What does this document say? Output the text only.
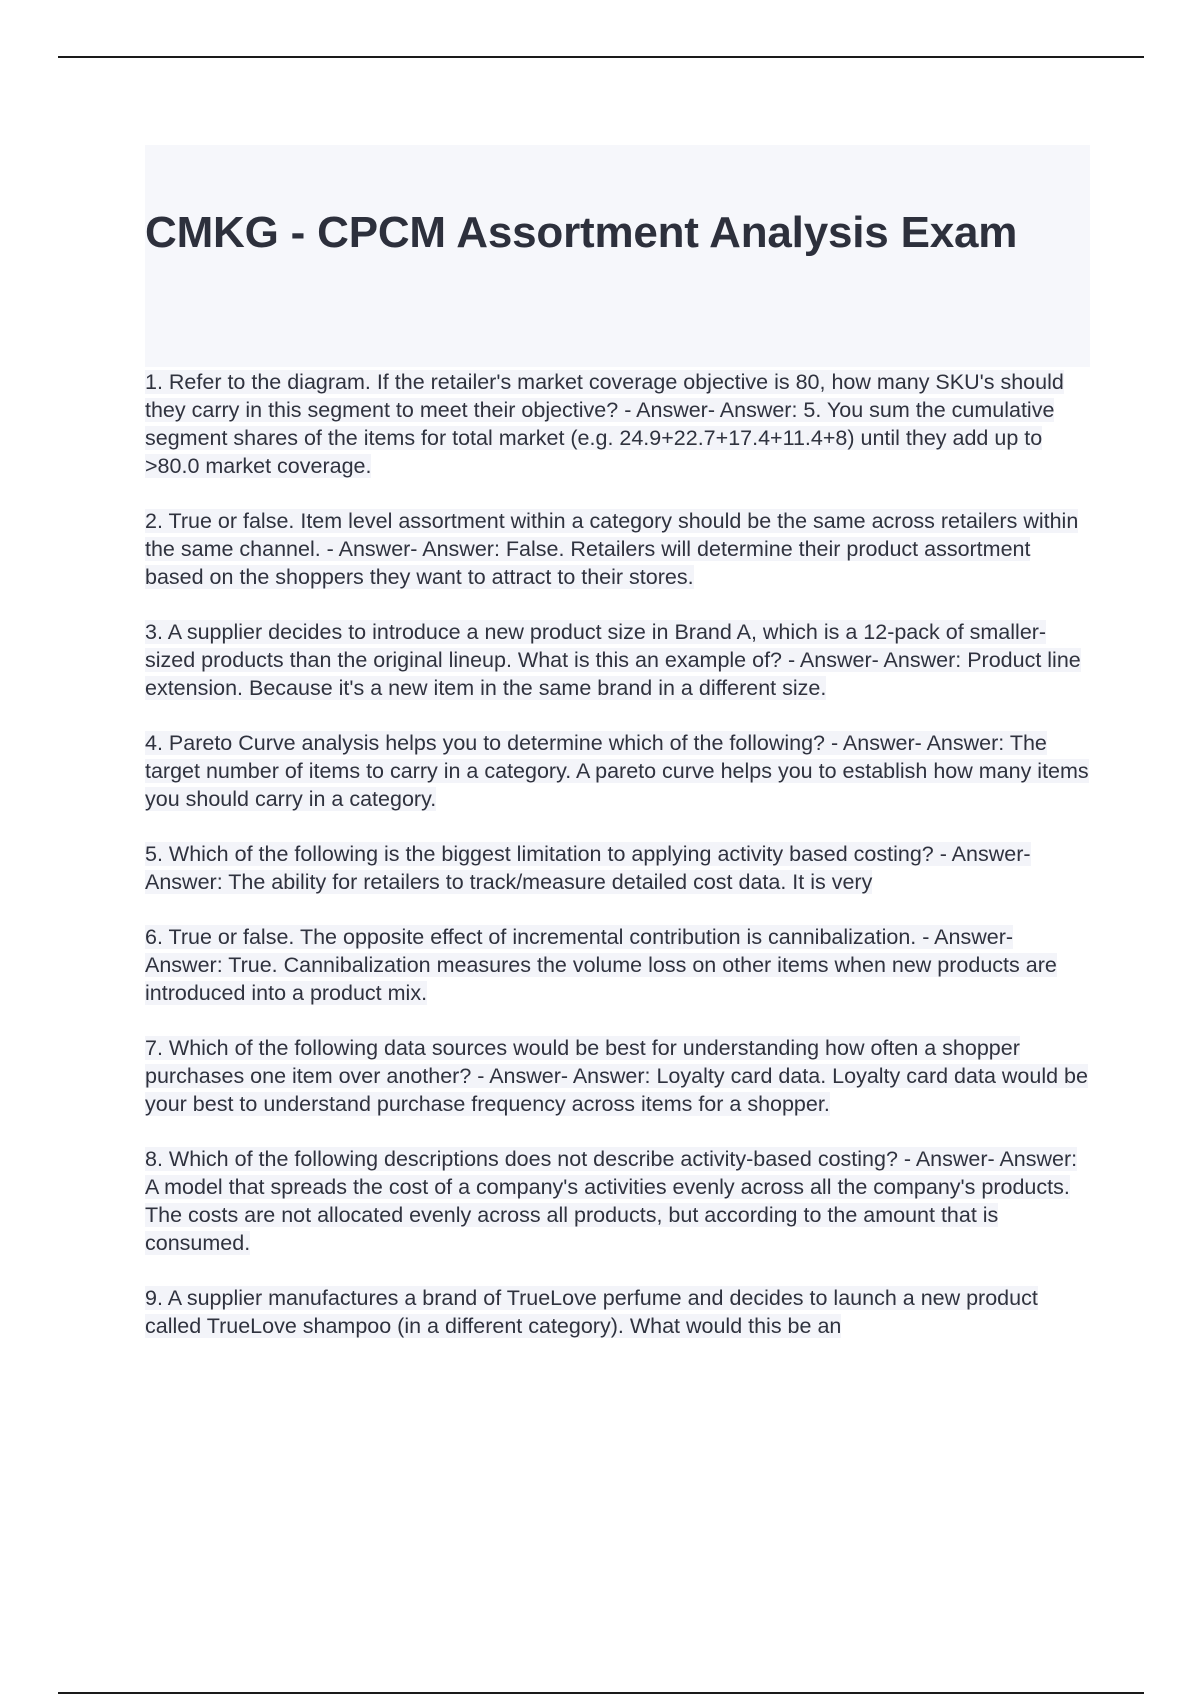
CMKG - CPCM Assortment Analysis Exam

1. Refer to the diagram. If the retailer's market coverage objective is 80, how many SKU's should they carry in this segment to meet their objective? - Answer- Answer: 5. You sum the cumulative segment shares of the items for total market (e.g. 24.9+22.7+17.4+11.4+8) until they add up to >80.0 market coverage.

2. True or false. Item level assortment within a category should be the same across retailers within the same channel. - Answer- Answer: False. Retailers will determine their product assortment based on the shoppers they want to attract to their stores.

3. A supplier decides to introduce a new product size in Brand A, which is a 12-pack of smaller-sized products than the original lineup. What is this an example of? - Answer- Answer: Product line extension. Because it's a new item in the same brand in a different size.

4. Pareto Curve analysis helps you to determine which of the following? - Answer- Answer: The target number of items to carry in a category. A pareto curve helps you to establish how many items you should carry in a category.

5. Which of the following is the biggest limitation to applying activity based costing? - Answer- Answer: The ability for retailers to track/measure detailed cost data. It is very

6. True or false. The opposite effect of incremental contribution is cannibalization. - Answer- Answer: True. Cannibalization measures the volume loss on other items when new products are introduced into a product mix.

7. Which of the following data sources would be best for understanding how often a shopper purchases one item over another? - Answer- Answer: Loyalty card data. Loyalty card data would be your best to understand purchase frequency across items for a shopper.

8. Which of the following descriptions does not describe activity-based costing? - Answer- Answer: A model that spreads the cost of a company's activities evenly across all the company's products. The costs are not allocated evenly across all products, but according to the amount that is consumed.

9. A supplier manufactures a brand of TrueLove perfume and decides to launch a new product called TrueLove shampoo (in a different category). What would this be an
